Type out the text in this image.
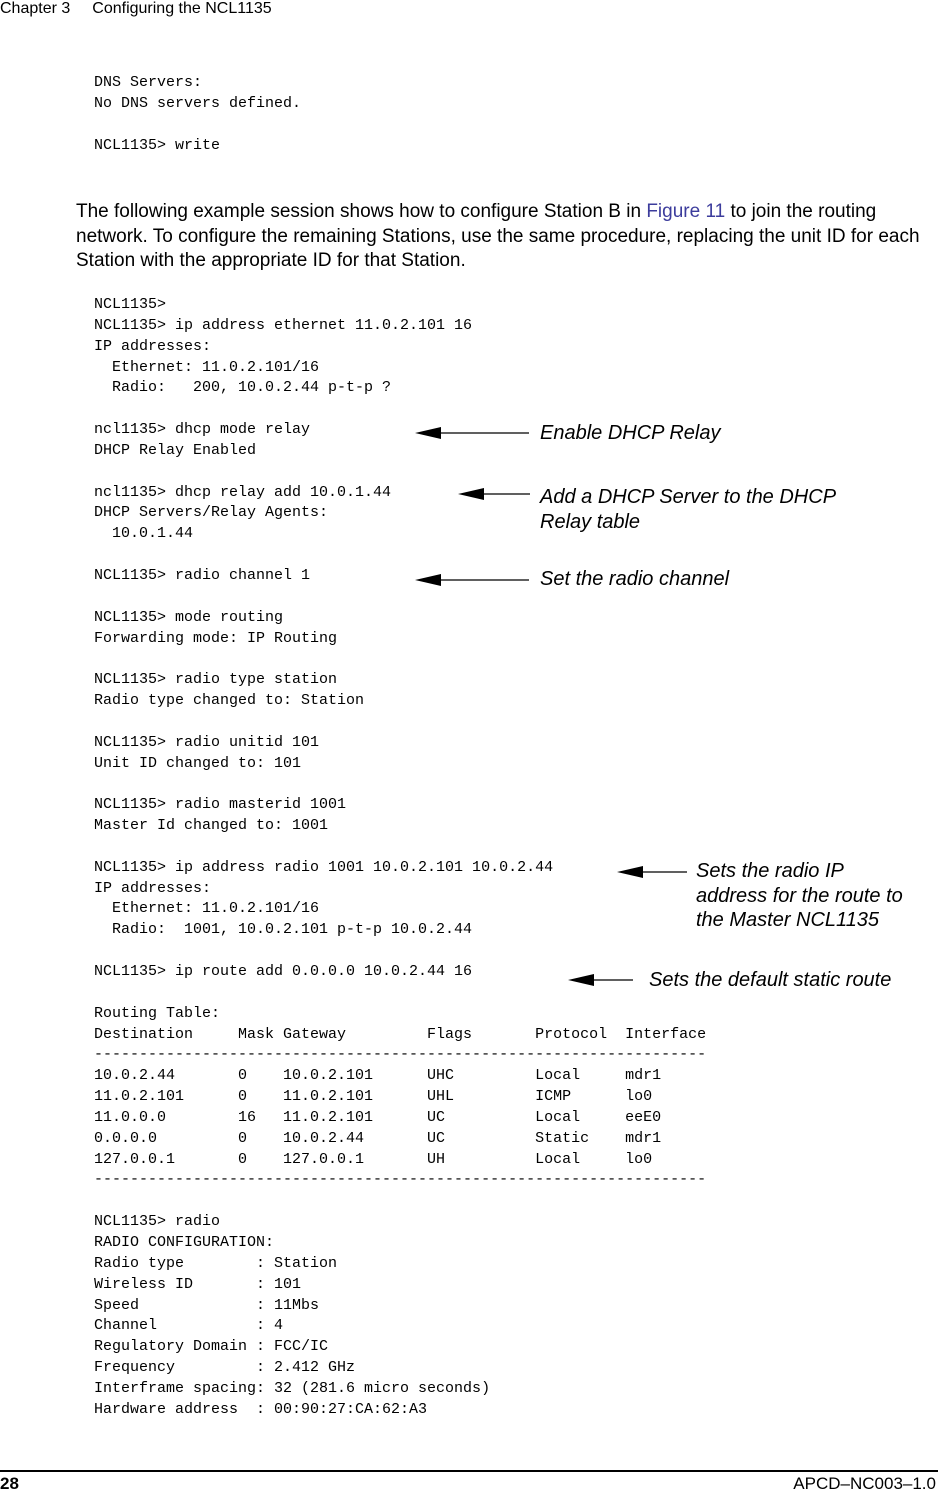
Chapter 3 Configuring the NCL1135
DNS Servers:
No DNS servers defined.

NCL1135> write
The following example session shows how to configure Station B in Figure 11 to join the routing network. To configure the remaining Stations, use the same procedure, replacing the unit ID for each Station with the appropriate ID for that Station.
NCL1135>
NCL1135> ip address ethernet 11.0.2.101 16
IP addresses:
Ethernet: 11.0.2.101/16
Radio:   200, 10.0.2.44 p-t-p ?

ncl1135> dhcp mode relay
DHCP Relay Enabled

ncl1135> dhcp relay add 10.0.1.44
DHCP Servers/Relay Agents:
10.0.1.44

NCL1135> radio channel 1

NCL1135> mode routing
Forwarding mode: IP Routing

NCL1135> radio type station
Radio type changed to: Station

NCL1135> radio unitid 101
Unit ID changed to: 101

NCL1135> radio masterid 1001
Master Id changed to: 1001

NCL1135> ip address radio 1001 10.0.2.101 10.0.2.44
IP addresses:
Ethernet: 11.0.2.101/16
Radio:  1001, 10.0.2.101 p-t-p 10.0.2.44

NCL1135> ip route add 0.0.0.0 10.0.2.44 16

Routing Table:
Destination     Mask Gateway         Flags       Protocol  Interface
--------------------------------------------------------------------
10.0.2.44       0    10.0.2.101      UHC         Local     mdr1
11.0.2.101      0    11.0.2.101      UHL         ICMP      lo0
11.0.0.0        16   11.0.2.101      UC          Local     eeE0
0.0.0.0         0    10.0.2.44       UC          Static    mdr1
127.0.0.1       0    127.0.0.1       UH          Local     lo0
--------------------------------------------------------------------

NCL1135> radio
RADIO CONFIGURATION:
Radio type        : Station
Wireless ID       : 101
Speed             : 11Mbs
Channel           : 4
Regulatory Domain : FCC/IC
Frequency         : 2.412 GHz
Interframe spacing: 32 (281.6 micro seconds)
Hardware address  : 00:90:27:CA:62:A3
Enable DHCP Relay
Add a DHCP Server to the DHCP
Relay table
Set the radio channel
Sets the radio IP
address for the route to
the Master NCL1135
Sets the default static route
28	APCD–NC003–1.0
